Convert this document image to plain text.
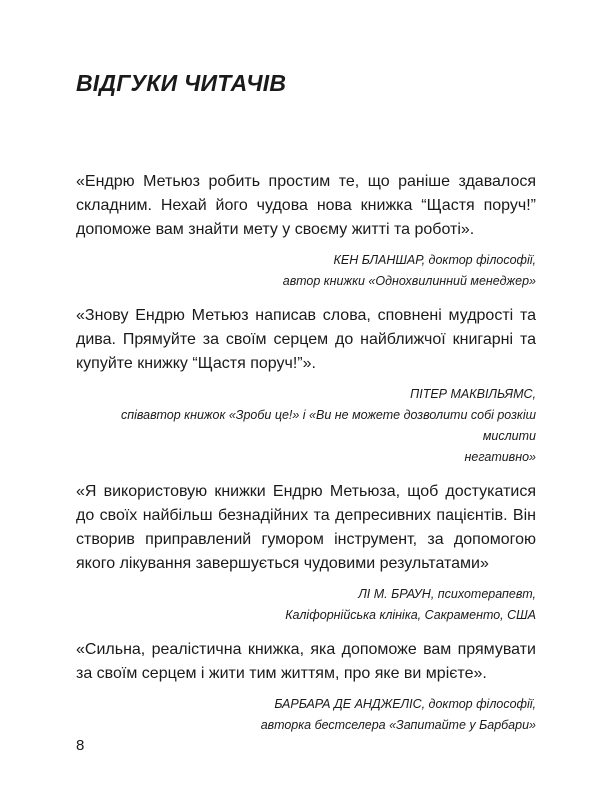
ВІДГУКИ ЧИТАЧІВ

«Ендрю Метьюз робить простим те, що раніше здавалося складним. Нехай його чудова нова книжка “Щастя поруч!” допоможе вам знайти мету у своєму житті та роботі».

КЕН БЛАНШАР, доктор філософії,
автор книжки «Однохвилинний менеджер»

«Знову Ендрю Метьюз написав слова, сповнені мудрості та дива. Прямуйте за своїм серцем до найближчої книгарні та купуйте книжку “Щастя поруч!”».

ПІТЕР МАКВІЛЬЯМС,
співавтор книжок «Зроби це!» і «Ви не можете дозволити собі розкіш мислити
негативно»

«Я використовую книжки Ендрю Метьюза, щоб достукатися до своїх найбільш безнадійних та депресивних пацієнтів. Він створив приправлений гумором інструмент, за допомогою якого лікування завершується чудовими результатами»

ЛІ М. БРАУН, психотерапевт,
Каліфорнійська клініка, Сакраменто, США

«Сильна, реалістична книжка, яка допоможе вам прямувати за своїм серцем і жити тим життям, про яке ви мрієте».

БАРБАРА ДЕ АНДЖЕЛІС, доктор філософії,
авторка бестселера «Запитайте у Барбари»

8
